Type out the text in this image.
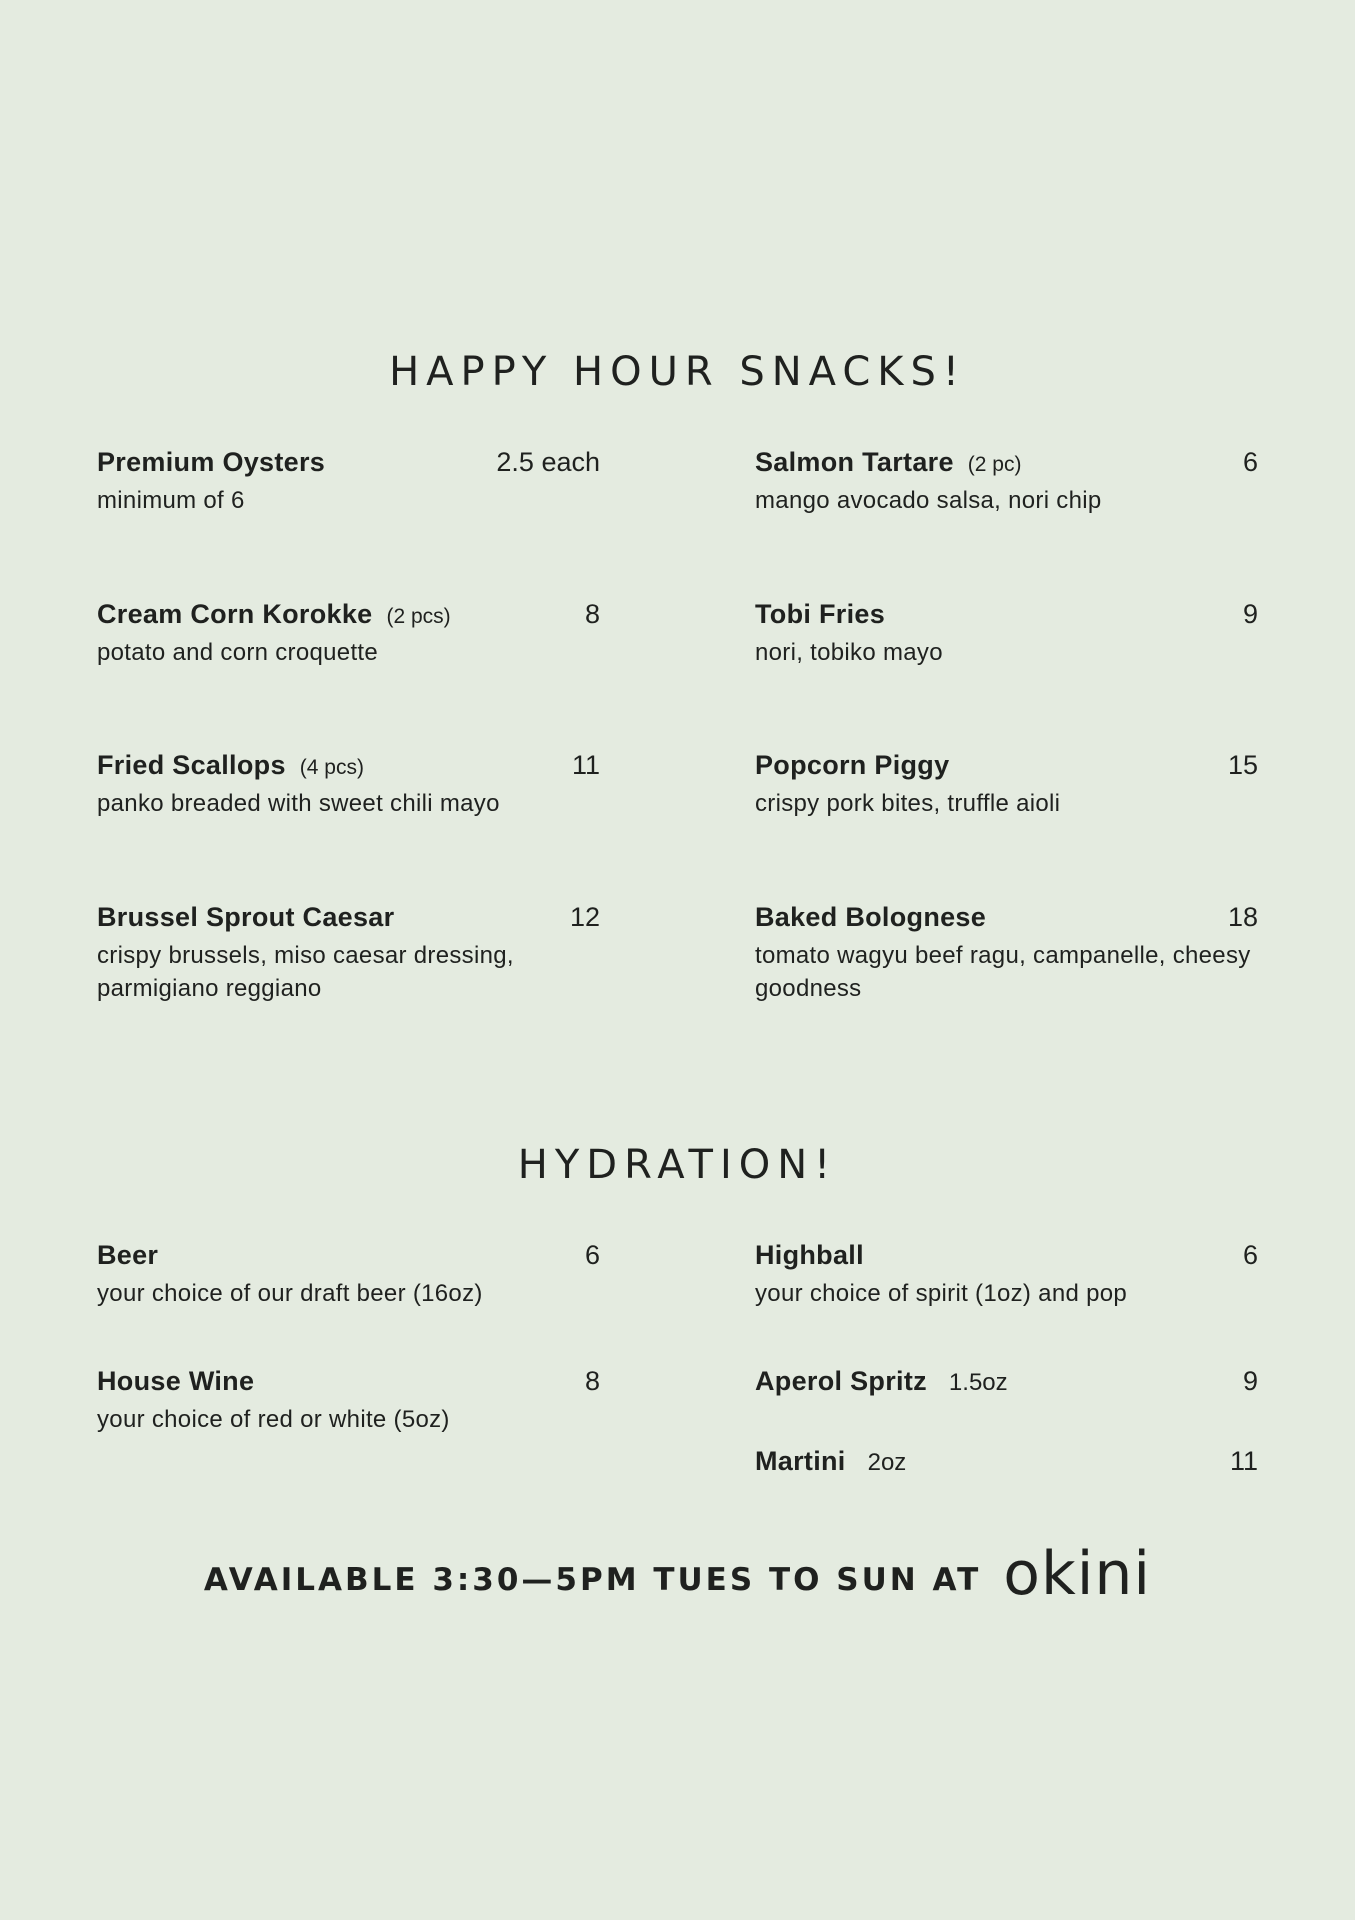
HAPPY HOUR SNACKS!
Premium Oysters	2.5 each
minimum of 6
Cream Corn Korokke (2 pcs)	8
potato and corn croquette
Fried Scallops (4 pcs)	11
panko breaded with sweet chili mayo
Brussel Sprout Caesar	12
crispy brussels, miso caesar dressing, parmigiano reggiano
Salmon Tartare (2 pc)	6
mango avocado salsa, nori chip
Tobi Fries	9
nori, tobiko mayo
Popcorn Piggy	15
crispy pork bites, truffle aioli
Baked Bolognese	18
tomato wagyu beef ragu, campanelle, cheesy goodness
HYDRATION!
Beer	6
your choice of our draft beer (16oz)
House Wine	8
your choice of red or white (5oz)
Highball	6
your choice of spirit (1oz) and pop
Aperol Spritz 1.5oz	9
Martini 2oz	11
AVAILABLE 3:30—5PM TUES TO SUN AT okini
